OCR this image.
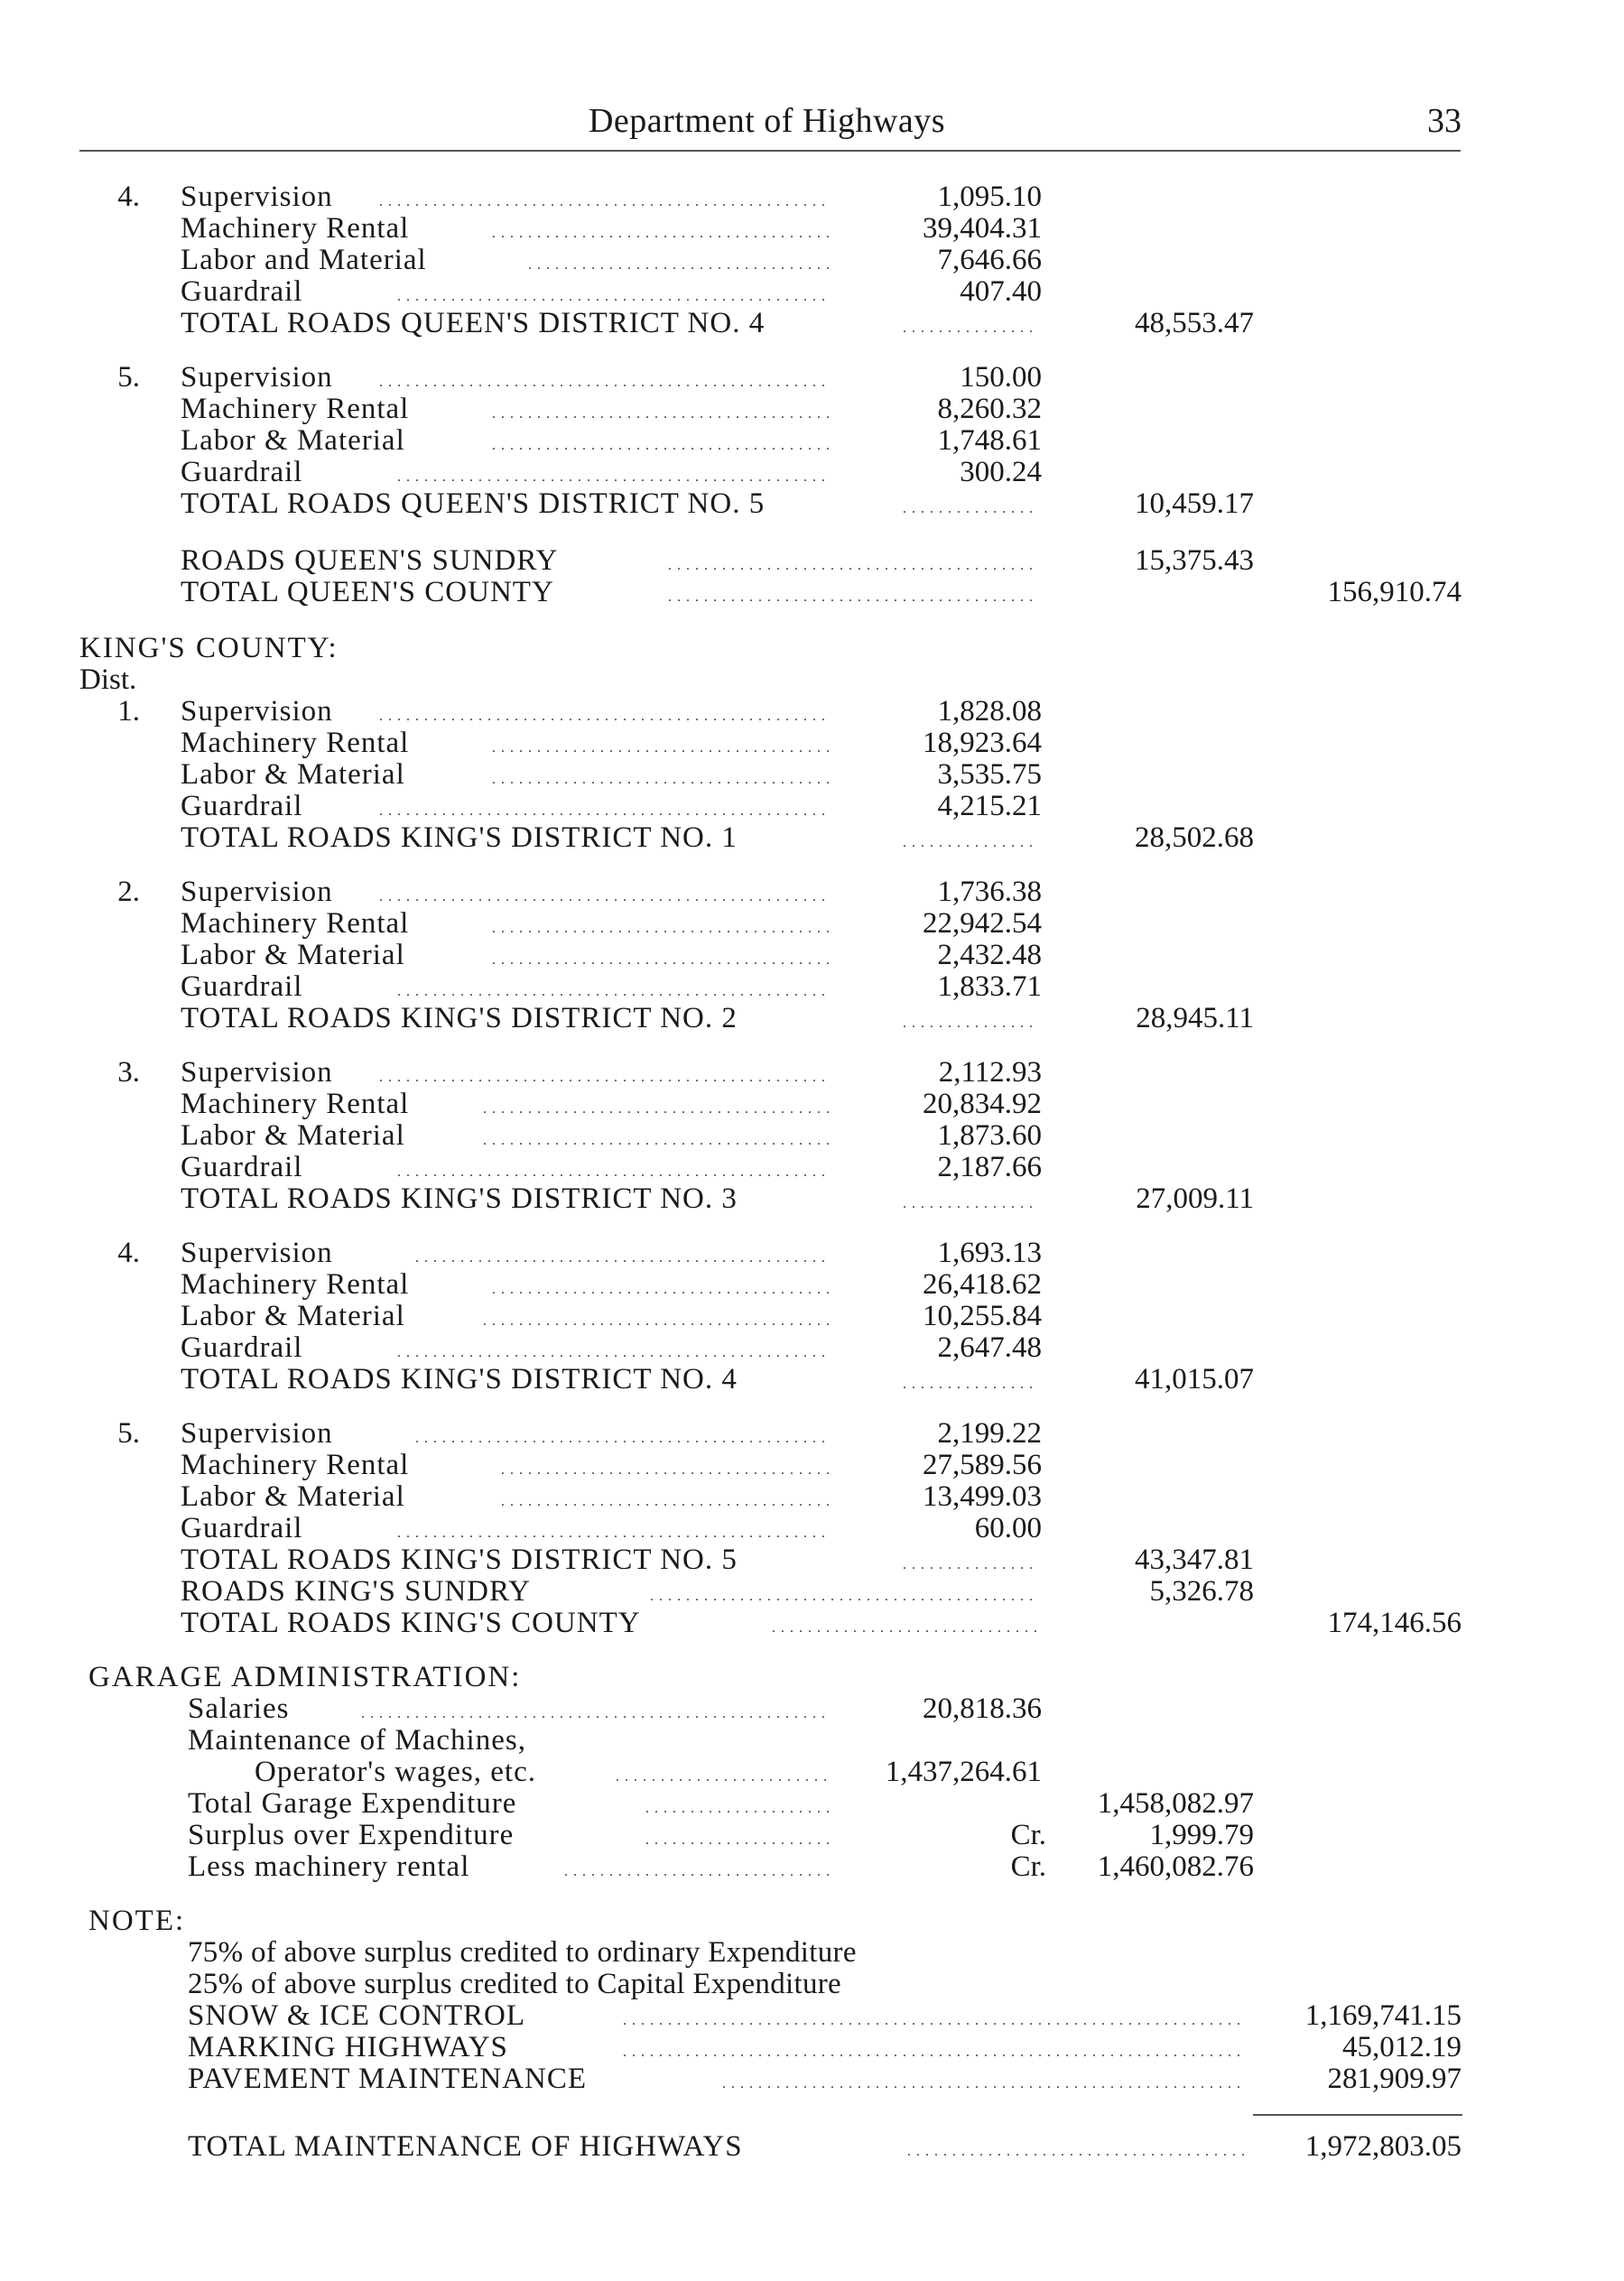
Department of Highways	33
4. Supervision . . .	1,095.10
Machinery Rental . . .	39,404.31
Labor and Material . . .	7,646.66
Guardrail . . .	407.40
TOTAL ROADS QUEEN'S DISTRICT NO. 4 . . .	48,553.47
5. Supervision . . .	150.00
Machinery Rental . . .	8,260.32
Labor & Material . . .	1,748.61
Guardrail . . .	300.24
TOTAL ROADS QUEEN'S DISTRICT NO. 5 . . .	10,459.17
ROADS QUEEN'S SUNDRY . . .	15,375.43
TOTAL QUEEN'S COUNTY . . .	156,910.74
KING'S COUNTY:
Dist.
1. Supervision . . .	1,828.08
Machinery Rental . . .	18,923.64
Labor & Material . . .	3,535.75
Guardrail . . .	4,215.21
TOTAL ROADS KING'S DISTRICT NO. 1 . . .	28,502.68
2. Supervision . . .	1,736.38
Machinery Rental . . .	22,942.54
Labor & Material . . .	2,432.48
Guardrail . . .	1,833.71
TOTAL ROADS KING'S DISTRICT NO. 2 . . .	28,945.11
3. Supervision . . .	2,112.93
Machinery Rental . . .	20,834.92
Labor & Material . . .	1,873.60
Guardrail . . .	2,187.66
TOTAL ROADS KING'S DISTRICT NO. 3 . . .	27,009.11
4. Supervision . . .	1,693.13
Machinery Rental . . .	26,418.62
Labor & Material . . .	10,255.84
Guardrail . . .	2,647.48
TOTAL ROADS KING'S DISTRICT NO. 4 . . .	41,015.07
5. Supervision . . .	2,199.22
Machinery Rental . . .	27,589.56
Labor & Material . . .	13,499.03
Guardrail . . .	60.00
TOTAL ROADS KING'S DISTRICT NO. 5 . . .	43,347.81
ROADS KING'S SUNDRY . . .	5,326.78
TOTAL ROADS KING'S COUNTY . . .	174,146.56
GARAGE ADMINISTRATION:
Salaries . . .	20,818.36
Maintenance of Machines,
Operator's wages, etc. . . .	1,437,264.61
Total Garage Expenditure . . .	1,458,082.97
Surplus over Expenditure . . .	Cr.	1,999.79
Less machinery rental . . .	Cr. 1,460,082.76
NOTE:
75% of above surplus credited to ordinary Expenditure
25% of above surplus credited to Capital Expenditure
SNOW & ICE CONTROL . . .	1,169,741.15
MARKING HIGHWAYS . . .	45,012.19
PAVEMENT MAINTENANCE . . .	281,909.97
TOTAL MAINTENANCE OF HIGHWAYS . . .	1,972,803.05
